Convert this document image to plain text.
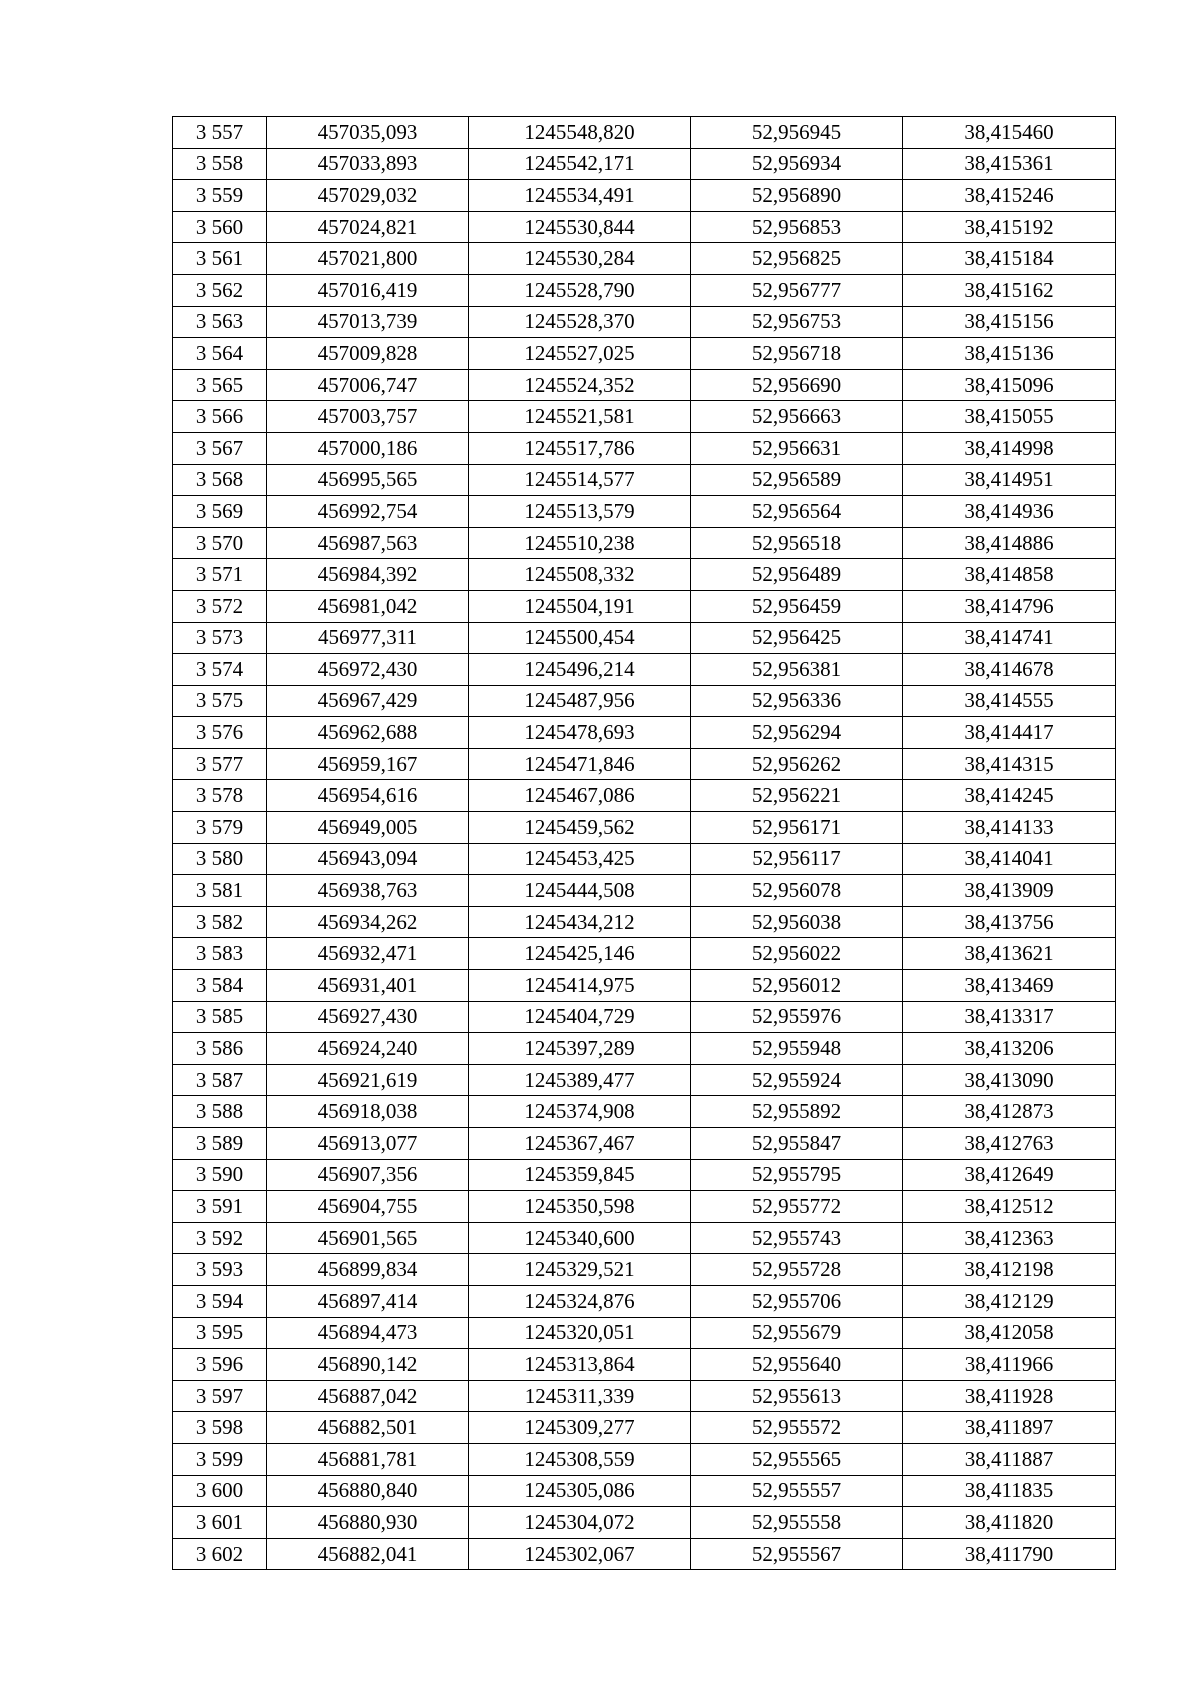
3 557	457035,093	1245548,820	52,956945	38,415460
3 558	457033,893	1245542,171	52,956934	38,415361
3 559	457029,032	1245534,491	52,956890	38,415246
3 560	457024,821	1245530,844	52,956853	38,415192
3 561	457021,800	1245530,284	52,956825	38,415184
3 562	457016,419	1245528,790	52,956777	38,415162
3 563	457013,739	1245528,370	52,956753	38,415156
3 564	457009,828	1245527,025	52,956718	38,415136
3 565	457006,747	1245524,352	52,956690	38,415096
3 566	457003,757	1245521,581	52,956663	38,415055
3 567	457000,186	1245517,786	52,956631	38,414998
3 568	456995,565	1245514,577	52,956589	38,414951
3 569	456992,754	1245513,579	52,956564	38,414936
3 570	456987,563	1245510,238	52,956518	38,414886
3 571	456984,392	1245508,332	52,956489	38,414858
3 572	456981,042	1245504,191	52,956459	38,414796
3 573	456977,311	1245500,454	52,956425	38,414741
3 574	456972,430	1245496,214	52,956381	38,414678
3 575	456967,429	1245487,956	52,956336	38,414555
3 576	456962,688	1245478,693	52,956294	38,414417
3 577	456959,167	1245471,846	52,956262	38,414315
3 578	456954,616	1245467,086	52,956221	38,414245
3 579	456949,005	1245459,562	52,956171	38,414133
3 580	456943,094	1245453,425	52,956117	38,414041
3 581	456938,763	1245444,508	52,956078	38,413909
3 582	456934,262	1245434,212	52,956038	38,413756
3 583	456932,471	1245425,146	52,956022	38,413621
3 584	456931,401	1245414,975	52,956012	38,413469
3 585	456927,430	1245404,729	52,955976	38,413317
3 586	456924,240	1245397,289	52,955948	38,413206
3 587	456921,619	1245389,477	52,955924	38,413090
3 588	456918,038	1245374,908	52,955892	38,412873
3 589	456913,077	1245367,467	52,955847	38,412763
3 590	456907,356	1245359,845	52,955795	38,412649
3 591	456904,755	1245350,598	52,955772	38,412512
3 592	456901,565	1245340,600	52,955743	38,412363
3 593	456899,834	1245329,521	52,955728	38,412198
3 594	456897,414	1245324,876	52,955706	38,412129
3 595	456894,473	1245320,051	52,955679	38,412058
3 596	456890,142	1245313,864	52,955640	38,411966
3 597	456887,042	1245311,339	52,955613	38,411928
3 598	456882,501	1245309,277	52,955572	38,411897
3 599	456881,781	1245308,559	52,955565	38,411887
3 600	456880,840	1245305,086	52,955557	38,411835
3 601	456880,930	1245304,072	52,955558	38,411820
3 602	456882,041	1245302,067	52,955567	38,411790
